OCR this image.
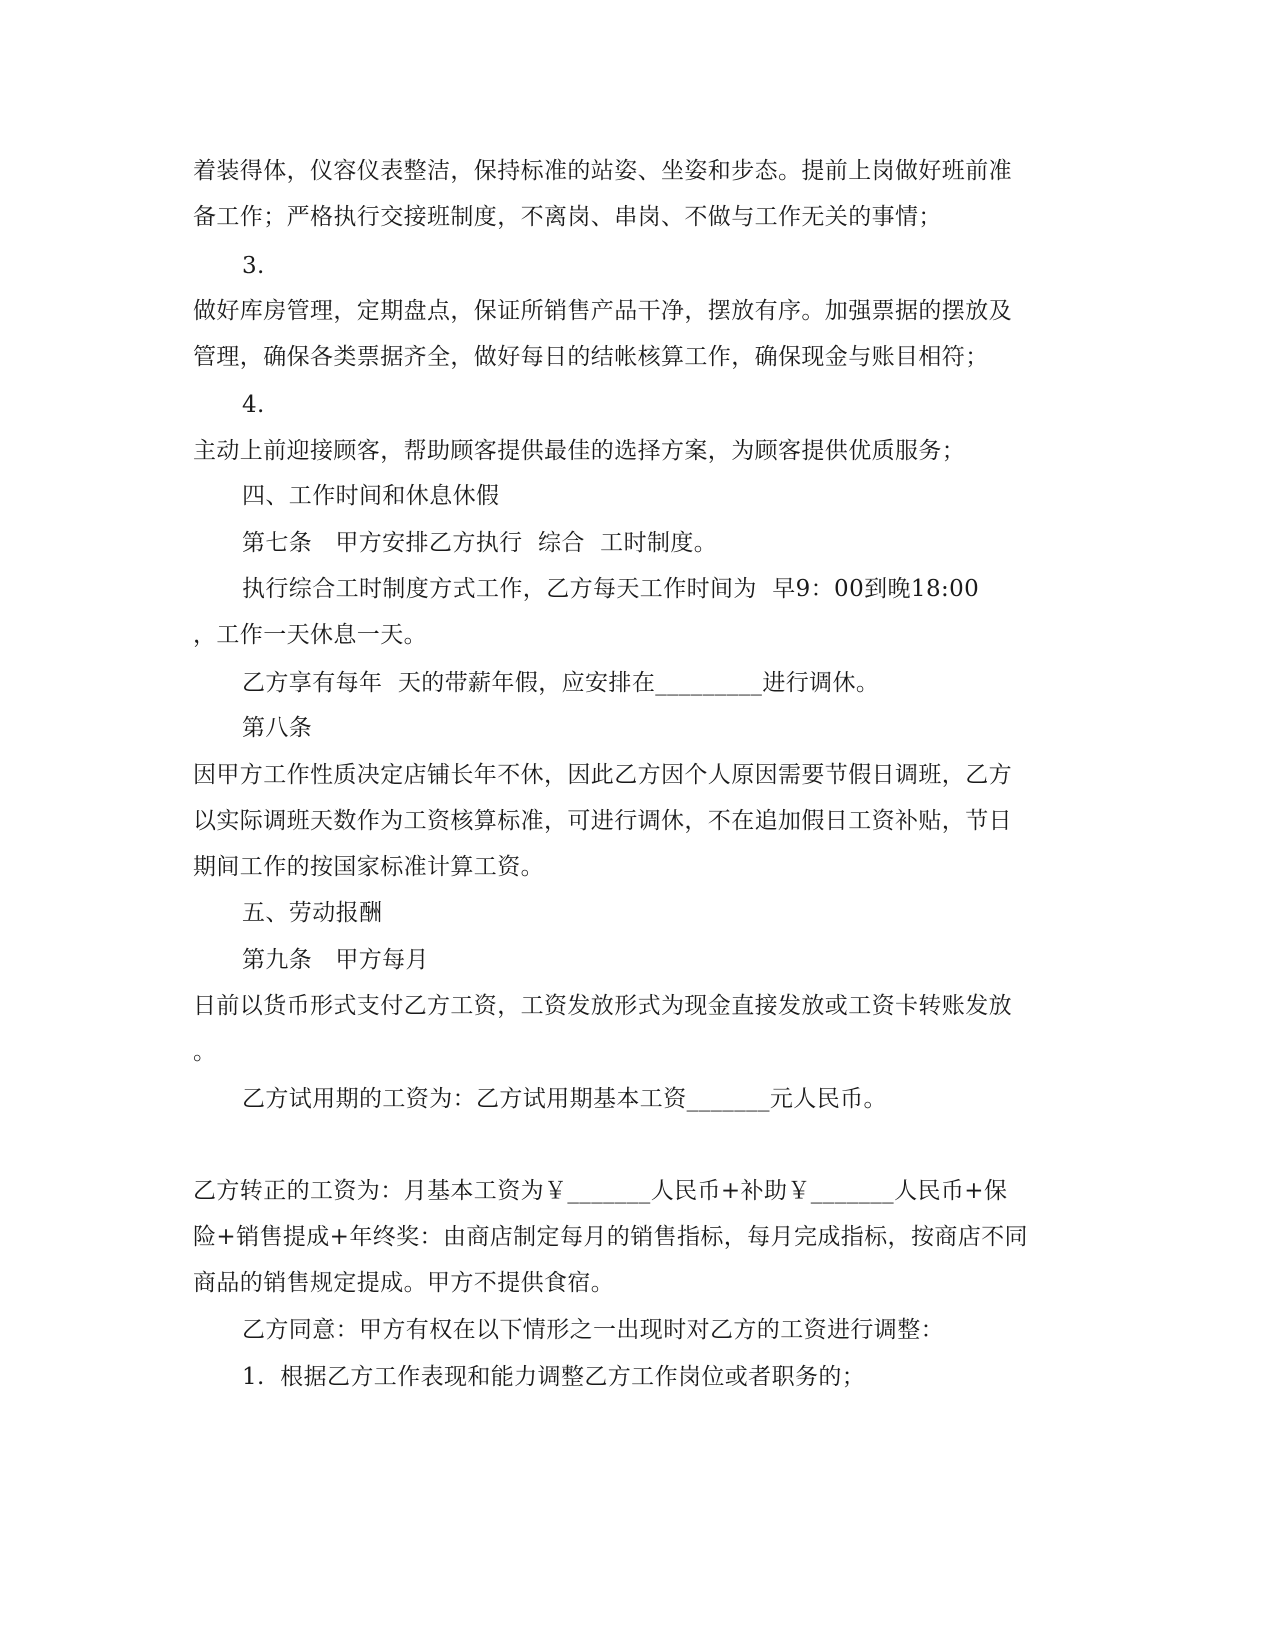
着装得体，仪容仪表整洁，保持标准的站姿、坐姿和步态。提前上岗做好班前准
备工作；严格执行交接班制度，不离岗、串岗、不做与工作无关的事情；
3.
做好库房管理，定期盘点，保证所销售产品干净，摆放有序。加强票据的摆放及
管理，确保各类票据齐全，做好每日的结帐核算工作，确保现金与账目相符；
4.
主动上前迎接顾客，帮助顾客提供最佳的选择方案，为顾客提供优质服务；
四、工作时间和休息休假
第七条   甲方安排乙方执行  综合  工时制度。
执行综合工时制度方式工作，乙方每天工作时间为  早9：00到晚18:00
，工作一天休息一天。
乙方享有每年  天的带薪年假，应安排在_________进行调休。
第八条
因甲方工作性质决定店铺长年不休，因此乙方因个人原因需要节假日调班，乙方
以实际调班天数作为工资核算标准，可进行调休，不在追加假日工资补贴，节日
期间工作的按国家标准计算工资。
五、劳动报酬
第九条   甲方每月
日前以货币形式支付乙方工资，工资发放形式为现金直接发放或工资卡转账发放
。
乙方试用期的工资为：乙方试用期基本工资_______元人民币。
乙方转正的工资为：月基本工资为￥_______人民币+补助￥_______人民币+保
险+销售提成+年终奖：由商店制定每月的销售指标，每月完成指标，按商店不同
商品的销售规定提成。甲方不提供食宿。
乙方同意：甲方有权在以下情形之一出现时对乙方的工资进行调整：
1.  根据乙方工作表现和能力调整乙方工作岗位或者职务的；
